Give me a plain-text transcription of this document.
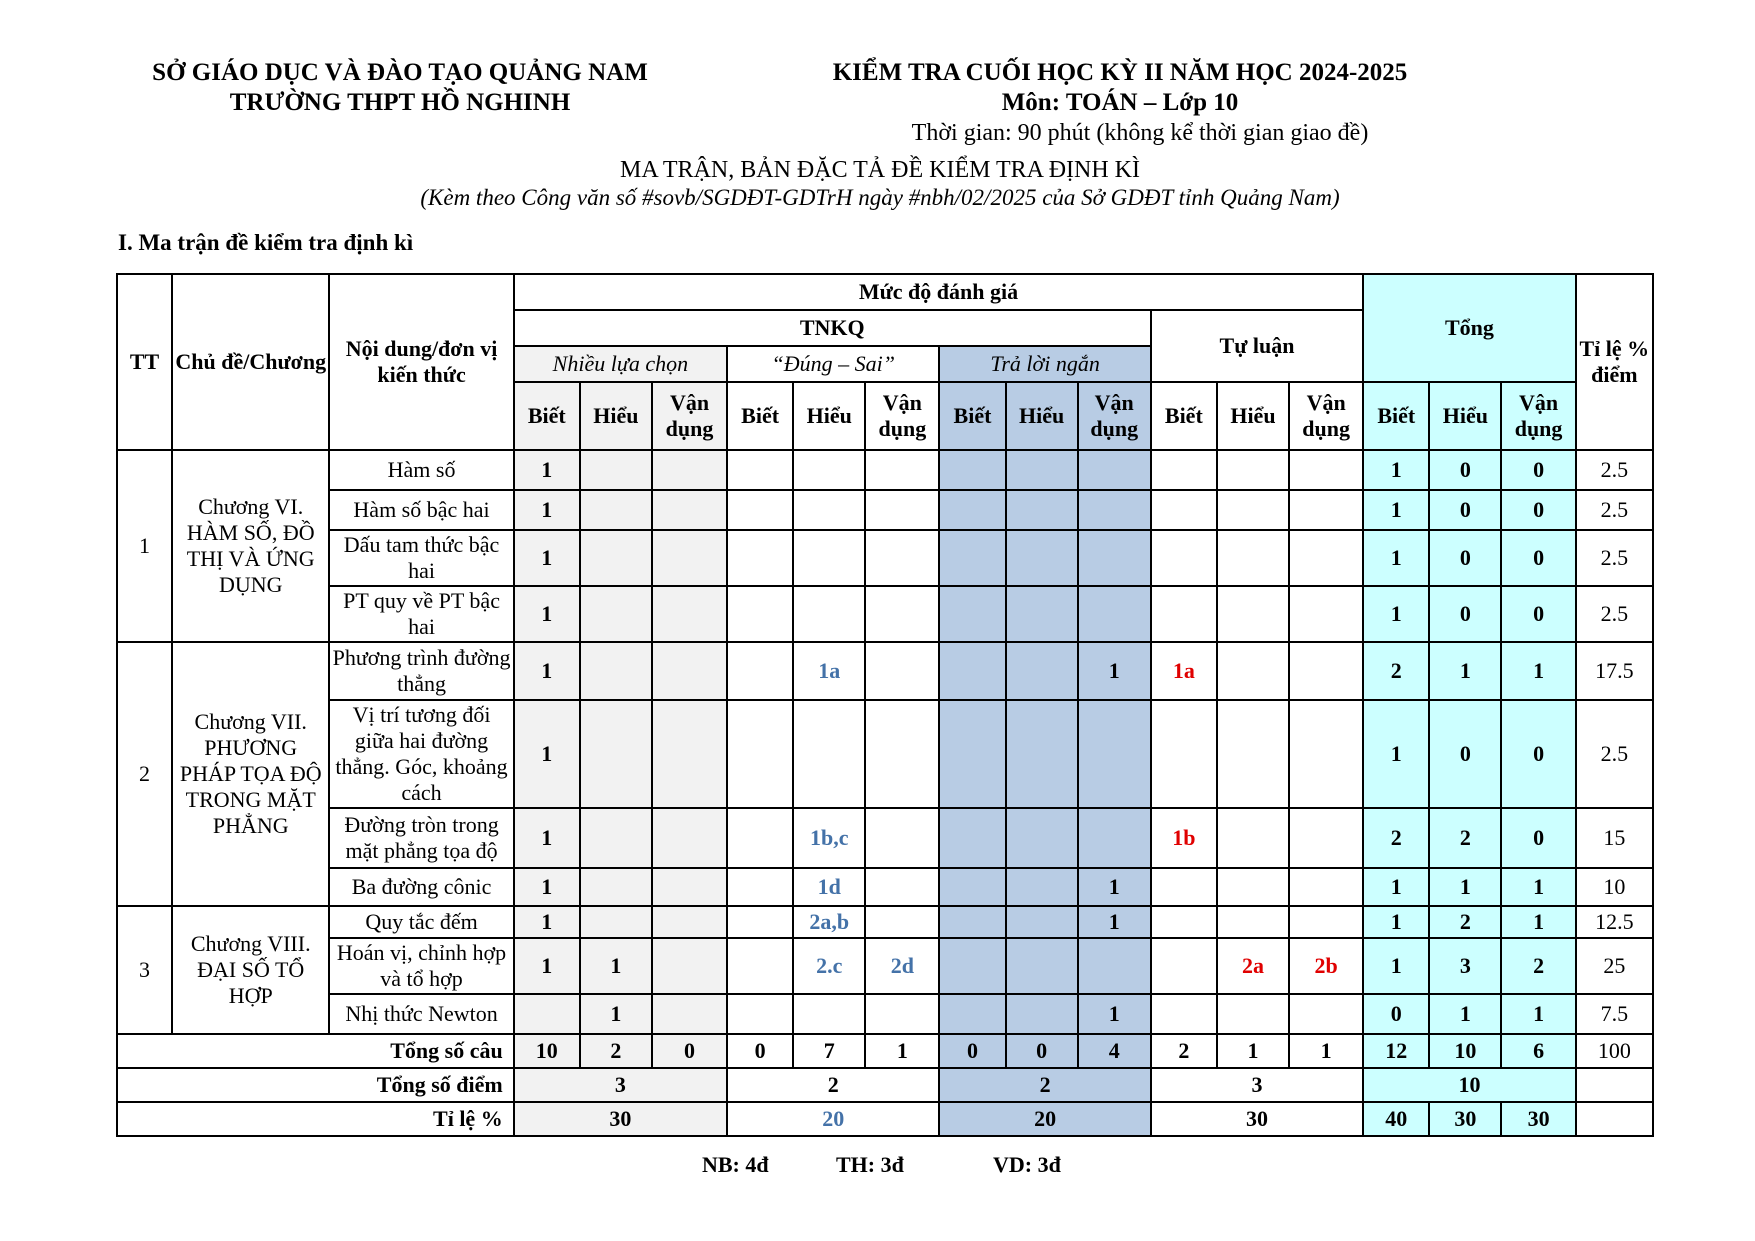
SỞ GIÁO DỤC VÀ ĐÀO TẠO QUẢNG NAM
TRƯỜNG THPT HỒ NGHINH
KIỂM TRA CUỐI HỌC KỲ II NĂM HỌC 2024-2025
Môn: TOÁN – Lớp 10
Thời gian: 90 phút (không kể thời gian giao đề)
MA TRẬN, BẢN ĐẶC TẢ ĐỀ KIỂM TRA ĐỊNH KÌ
(Kèm theo Công văn số #sovb/SGDĐT-GDTrH ngày #nbh/02/2025 của Sở GDĐT tỉnh Quảng Nam)
I. Ma trận đề kiểm tra định kì
TT	Chủ đề/Chương	Nội dung/đơn vị kiến thức	Mức độ đánh giá												Tổng			Tỉ lệ % điểm
			TNKQ									Tự luận						
			Nhiều lựa chọn			“Đúng – Sai”			Trả lời ngắn									
			Biết	Hiểu	Vận dụng	Biết	Hiểu	Vận dụng	Biết	Hiểu	Vận dụng	Biết	Hiểu	Vận dụng	Biết	Hiểu	Vận dụng	
1	Chương VI. HÀM SỐ, ĐỒ THỊ VÀ ỨNG DỤNG	Hàm số	1												1	0	0	2.5
		Hàm số bậc hai	1												1	0	0	2.5
		Dấu tam thức bậc hai	1												1	0	0	2.5
		PT quy về PT bậc hai	1												1	0	0	2.5
2	Chương VII. PHƯƠNG PHÁP TỌA ĐỘ TRONG MẶT PHẲNG	Phương trình đường thẳng	1				1a				1	1a			2	1	1	17.5
		Vị trí tương đối giữa hai đường thẳng. Góc, khoảng cách	1												1	0	0	2.5
		Đường tròn trong mặt phẳng tọa độ	1				1b,c					1b			2	2	0	15
		Ba đường cônic	1				1d				1				1	1	1	10
3	Chương VIII. ĐẠI SỐ TỔ HỢP	Quy tắc đếm	1				2a,b				1				1	2	1	12.5
		Hoán vị, chỉnh hợp và tổ hợp	1	1			2.c	2d					2a	2b	1	3	2	25
		Nhị thức Newton		1							1				0	1	1	7.5
Tổng số câu			10	2	0	0	7	1	0	0	4	2	1	1	12	10	6	100
Tổng số điểm			3			2			2			3			10			
Tỉ lệ %			30			20			20			30			40	30	30	
NB: 4đ	TH: 3đ	VD: 3đ
